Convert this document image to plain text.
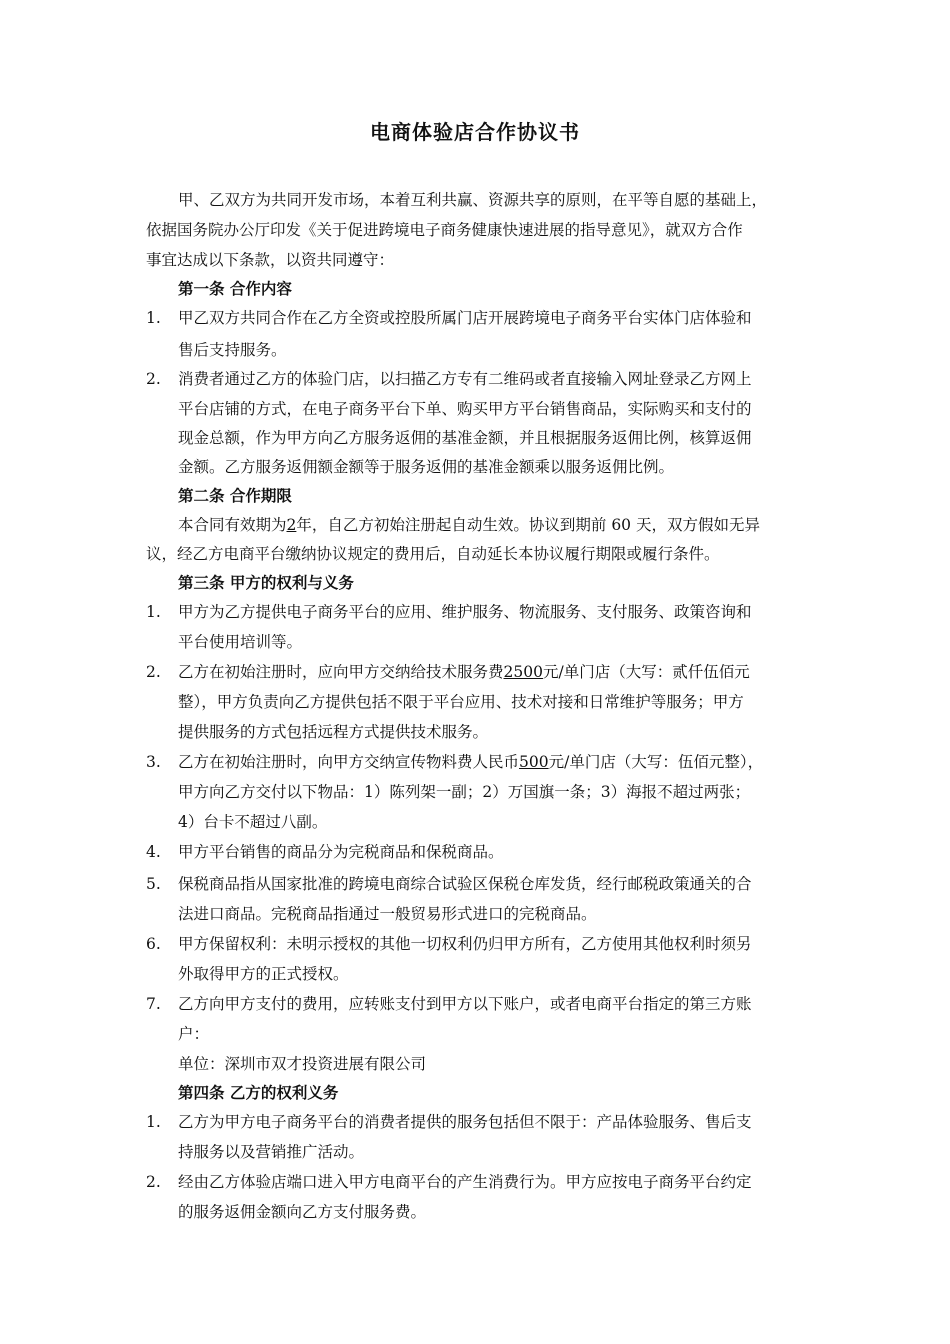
电商体验店合作协议书
甲、乙双方为共同开发市场，本着互利共赢、资源共享的原则，在平等自愿的基础上，
依据国务院办公厅印发《关于促进跨境电子商务健康快速进展的指导意见》，就双方合作
事宜达成以下条款，以资共同遵守：
第一条 合作内容
1. 甲乙双方共同合作在乙方全资或控股所属门店开展跨境电子商务平台实体门店体验和
售后支持服务。
2. 消费者通过乙方的体验门店，以扫描乙方专有二维码或者直接输入网址登录乙方网上
平台店铺的方式，在电子商务平台下单、购买甲方平台销售商品，实际购买和支付的
现金总额，作为甲方向乙方服务返佣的基准金额，并且根据服务返佣比例，核算返佣
金额。乙方服务返佣额金额等于服务返佣的基准金额乘以服务返佣比例。
第二条 合作期限
本合同有效期为2年，自乙方初始注册起自动生效。协议到期前 60 天，双方假如无异
议，经乙方电商平台缴纳协议规定的费用后，自动延长本协议履行期限或履行条件。
第三条 甲方的权利与义务
1. 甲方为乙方提供电子商务平台的应用、维护服务、物流服务、支付服务、政策咨询和
平台使用培训等。
2. 乙方在初始注册时，应向甲方交纳给技术服务费2500元/单门店（大写：贰仟伍佰元
整），甲方负责向乙方提供包括不限于平台应用、技术对接和日常维护等服务；甲方
提供服务的方式包括远程方式提供技术服务。
3. 乙方在初始注册时，向甲方交纳宣传物料费人民币500元/单门店（大写：伍佰元整），
甲方向乙方交付以下物品：1）陈列架一副；2）万国旗一条；3）海报不超过两张；
4）台卡不超过八副。
4. 甲方平台销售的商品分为完税商品和保税商品。
5. 保税商品指从国家批准的跨境电商综合试验区保税仓库发货，经行邮税政策通关的合
法进口商品。完税商品指通过一般贸易形式进口的完税商品。
6. 甲方保留权利：未明示授权的其他一切权利仍归甲方所有，乙方使用其他权利时须另
外取得甲方的正式授权。
7. 乙方向甲方支付的费用，应转账支付到甲方以下账户，或者电商平台指定的第三方账
户：
单位：深圳市双才投资进展有限公司
第四条 乙方的权利义务
1. 乙方为甲方电子商务平台的消费者提供的服务包括但不限于：产品体验服务、售后支
持服务以及营销推广活动。
2. 经由乙方体验店端口进入甲方电商平台的产生消费行为。甲方应按电子商务平台约定
的服务返佣金额向乙方支付服务费。
